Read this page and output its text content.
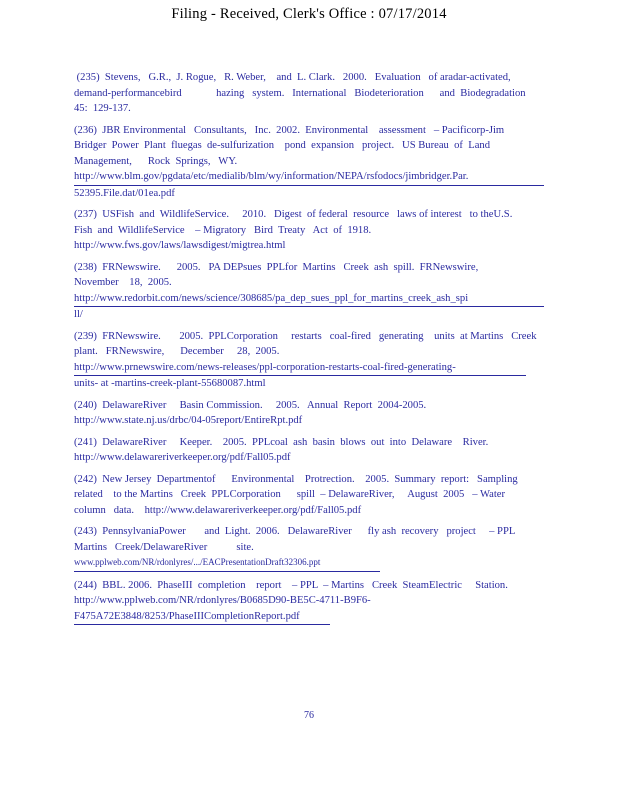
Filing - Received, Clerk's Office : 07/17/2014
(235)  Stevens,   G.R.,  J. Rogue,   R. Weber,    and  L. Clark.   2000.   Evaluation   of aradar-activated,
demand-performancebird             hazing   system.   International   Biodeterioration      and  Biodegradation
45:  129-137.
(236)  JBR Environmental   Consultants,   Inc.  2002.  Environmental    assessment   – Pacificorp-Jim
Bridger  Power  Plant  fluegas  de-sulfurization    pond  expansion   project.   US Bureau  of  Land
Management,      Rock  Springs,   WY.
http://www.blm.gov/pgdata/etc/medialib/blm/wy/information/NEPA/rsfodocs/jimbridger.Par.
52395.File.dat/01ea.pdf
(237)  USFish  and  WildlifeService.     2010.   Digest  of federal  resource   laws of interest   to theU.S.
Fish  and  WildlifeService    – Migratory   Bird  Treaty   Act  of  1918.
http://www.fws.gov/laws/lawsdigest/migtrea.html
(238)  FRNewswire.      2005.   PA DEPsues  PPLfor  Martins   Creek  ash  spill.  FRNewswire,
November    18,  2005.
http://www.redorbit.com/news/science/308685/pa_dep_sues_ppl_for_martins_creek_ash_spi
ll/
(239)  FRNewswire.       2005.  PPLCorporation     restarts   coal-fired   generating    units  at Martins   Creek
plant.   FRNewswire,      December     28,  2005.
http://www.prnewswire.com/news-releases/ppl-corporation-restarts-coal-fired-generating-
units- at -martins-creek-plant-55680087.html
(240)  DelawareRiver     Basin Commission.     2005.   Annual  Report  2004-2005.
http://www.state.nj.us/drbc/04-05report/EntireRpt.pdf
(241)  DelawareRiver     Keeper.    2005.  PPLcoal  ash  basin  blows  out  into  Delaware    River.
http://www.delawareriverkeeper.org/pdf/Fall05.pdf
(242)  New Jersey  Departmentof      Environmental    Protrection.    2005.  Summary  report:   Sampling
related    to the Martins   Creek  PPLCorporation      spill  – DelawareRiver,     August  2005   – Water
column   data.    http://www.delawareriverkeeper.org/pdf/Fall05.pdf
(243)  PennsylvaniaPower       and  Light.  2006.   DelawareRiver      fly ash  recovery   project     – PPL
Martins   Creek/DelawareRiver           site.
www.pplweb.com/NR/rdonlyres/.../EACPresentationDraft32306.ppt
(244)  BBL. 2006.  PhaseIII  completion    report    – PPL  – Martins   Creek  SteamElectric     Station.
http://www.pplweb.com/NR/rdonlyres/B0685D90-BE5C-4711-B9F6-
F475A72E3848/8253/PhaseIIICompletionReport.pdf
76
